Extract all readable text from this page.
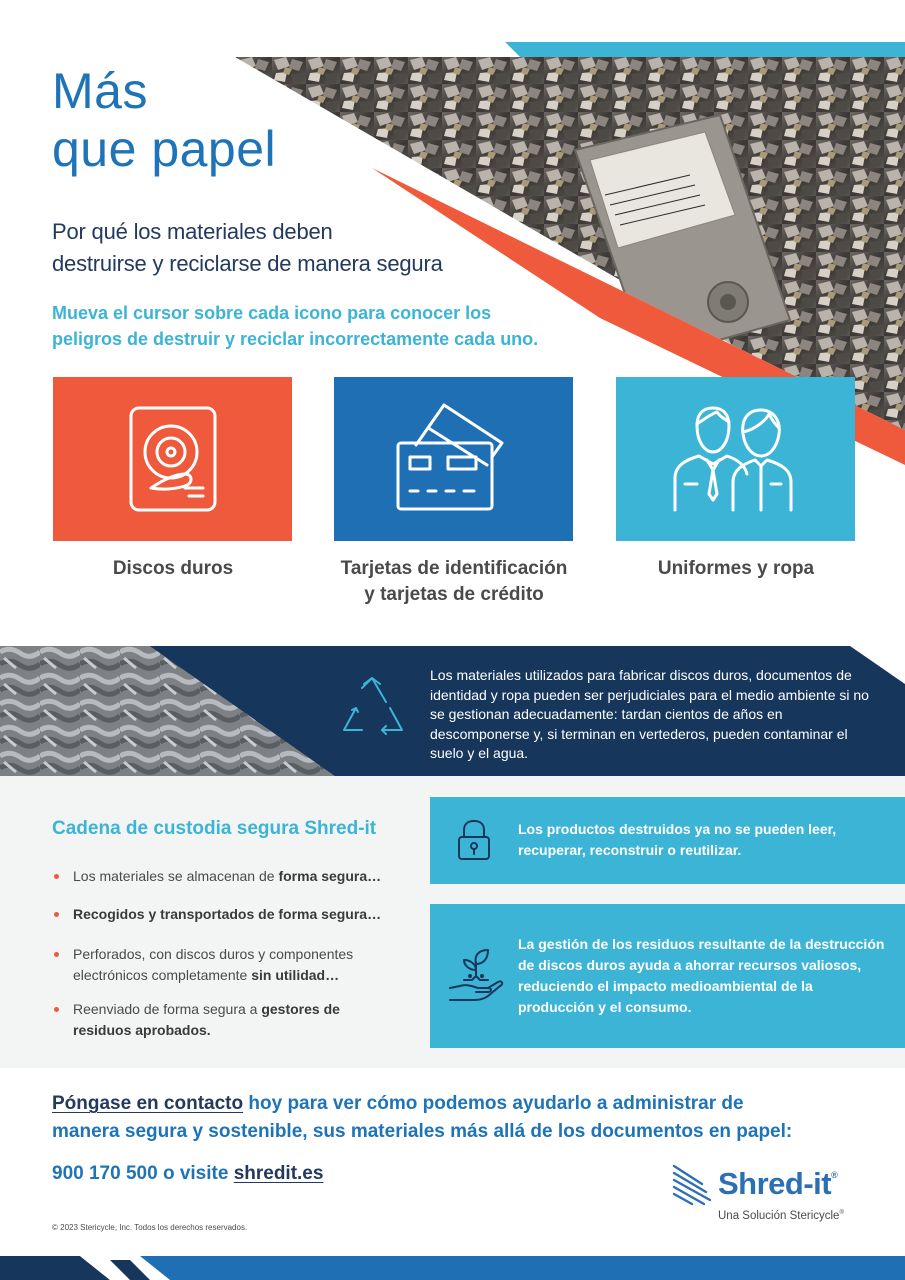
Más
que papel
Por qué los materiales deben
destruirse y reciclarse de manera segura
Mueva el cursor sobre cada icono para conocer los
peligros de destruir y reciclar incorrectamente cada uno.
Discos duros	Tarjetas de identificación
y tarjetas de crédito
Uniformes y ropa
Los materiales utilizados para fabricar discos duros, documentos de identidad y ropa pueden ser perjudiciales para el medio ambiente si no se gestionan adecuadamente: tardan cientos de años en descomponerse y, si terminan en vertederos, pueden contaminar el suelo y el agua.
Cadena de custodia segura Shred-it
Los materiales se almacenan de forma segura…
Recogidos y transportados de forma segura…
Perforados, con discos duros y componentes electrónicos completamente sin utilidad…
Reenviado de forma segura a gestores de residuos aprobados.
Los productos destruidos ya no se pueden leer,
recuperar, reconstruir o reutilizar.
La gestión de los residuos resultante de la destrucción
de discos duros ayuda a ahorrar recursos valiosos,
reduciendo el impacto medioambiental de la
producción y el consumo.
Póngase en contacto hoy para ver cómo podemos ayudarlo a administrar de
manera segura y sostenible, sus materiales más allá de los documentos en papel:
900 170 500 o visite shredit.es
© 2023 Stericycle, Inc. Todos los derechos reservados.
Shred-it®
Una Solución Stericycle®
